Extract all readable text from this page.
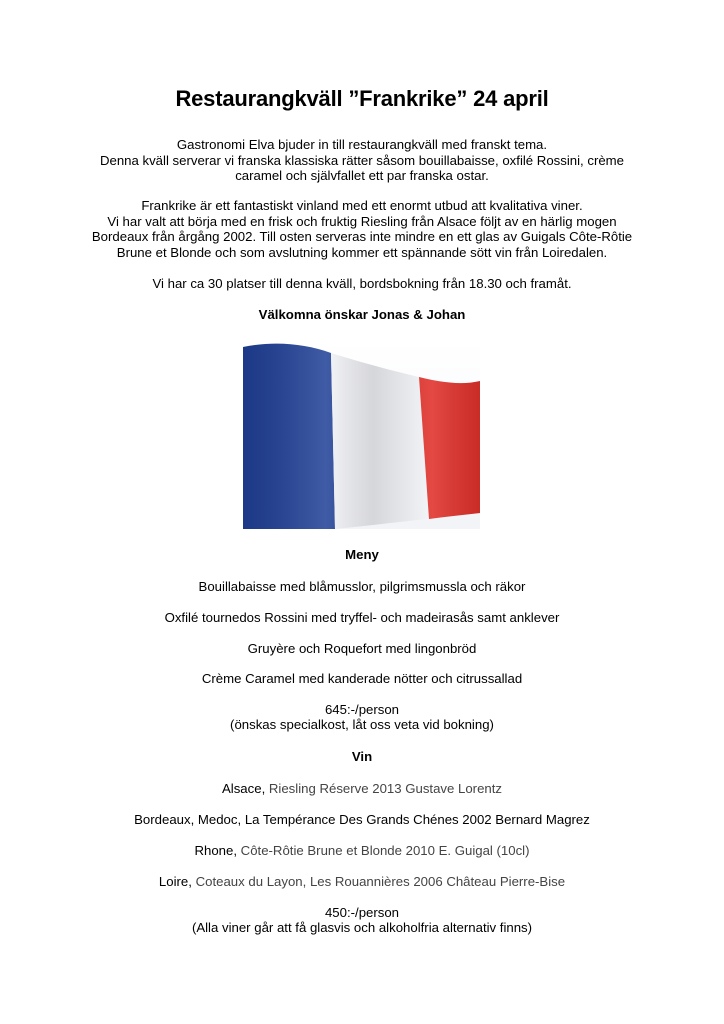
Restaurangkväll ”Frankrike” 24 april

Gastronomi Elva bjuder in till restaurangkväll med franskt tema.

Denna kväll serverar vi franska klassiska rätter såsom bouillabaisse, oxfilé Rossini, crème

caramel och självfallet ett par franska ostar.

Frankrike är ett fantastiskt vinland med ett enormt utbud att kvalitativa viner.

Vi har valt att börja med en frisk och fruktig Riesling från Alsace följt av en härlig mogen

Bordeaux från årgång 2002. Till osten serveras inte mindre en ett glas av Guigals Côte-Rôtie

Brune et Blonde och som avslutning kommer ett spännande sött vin från Loiredalen.

Vi har ca 30 platser till denna kväll, bordsbokning från 18.30 och framåt.
Välkomna önskar Jonas & Johan
Meny
Bouillabaisse med blåmusslor, pilgrimsmussla och räkor
Oxfilé tournedos Rossini med tryffel- och madeirasås samt anklever
Gruyère och Roquefort med lingonbröd
Crème Caramel med kanderade nötter och citrussallad
645:-/person
(önskas specialkost, låt oss veta vid bokning)
Vin
Alsace, Riesling Réserve 2013 Gustave Lorentz
Bordeaux, Medoc, La Tempérance Des Grands Chénes 2002 Bernard Magrez
Rhone, Côte-Rôtie Brune et Blonde 2010 E. Guigal (10cl)
Loire, Coteaux du Layon, Les Rouannières 2006 Château Pierre-Bise
450:-/person
(Alla viner går att få glasvis och alkoholfria alternativ finns)
